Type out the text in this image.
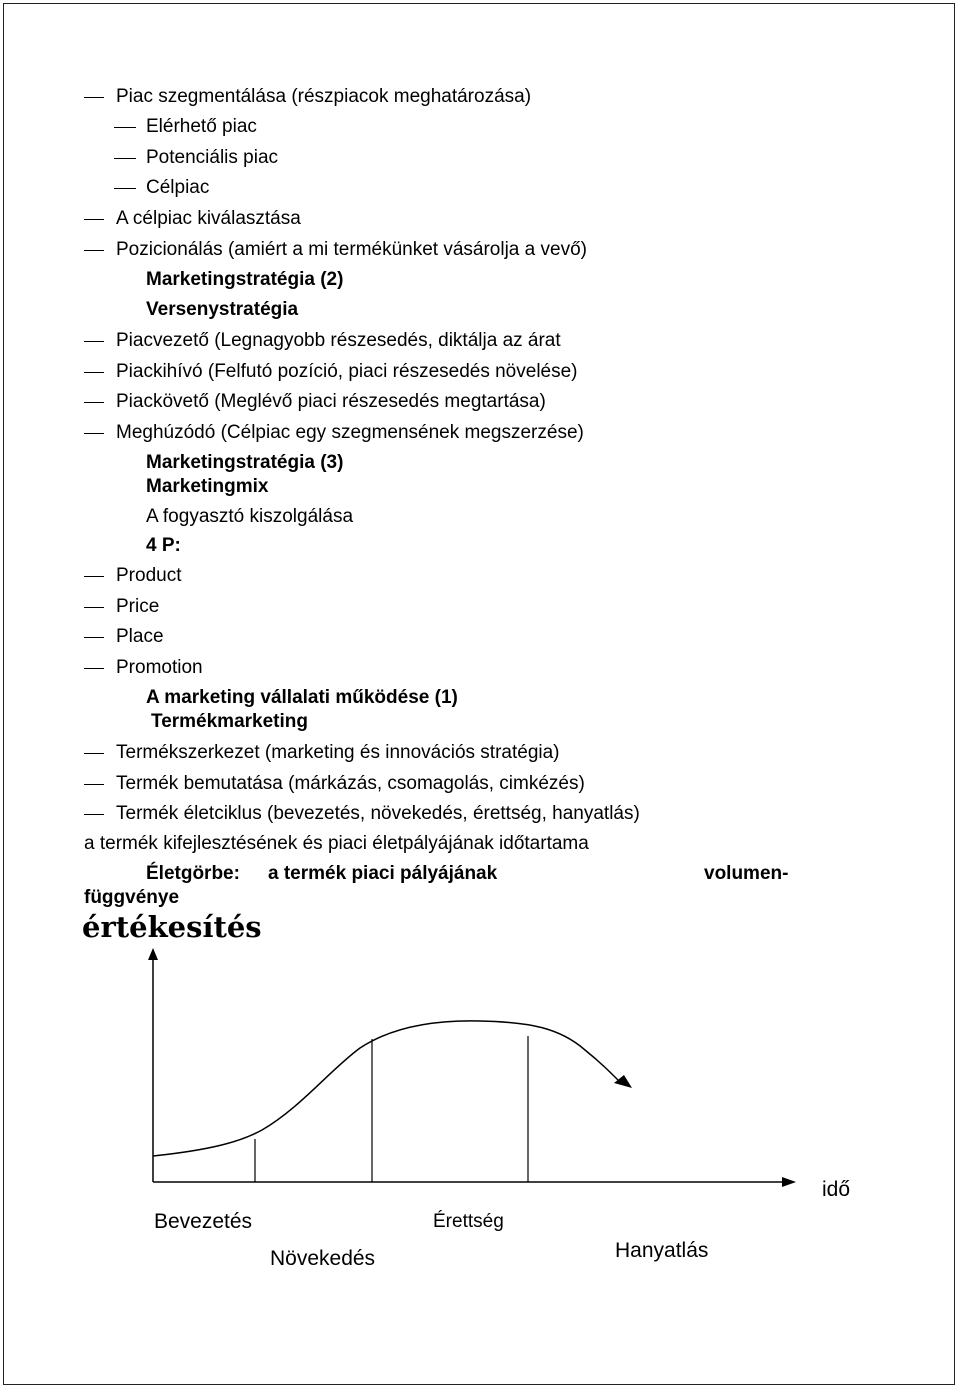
Piac szegmentálása (részpiacok meghatározása)
Elérhető piac
Potenciális piac
Célpiac
A célpiac kiválasztása
Pozicionálás (amiért a mi termékünket vásárolja a vevő)
Marketingstratégia (2)
Versenystratégia
Piacvezető (Legnagyobb részesedés, diktálja az árat
Piackihívó (Felfutó pozíció, piaci részesedés növelése)
Piackövető (Meglévő piaci részesedés megtartása)
Meghúzódó (Célpiac egy szegmensének megszerzése)
Marketingstratégia (3)
Marketingmix
A fogyasztó kiszolgálása
4 P:
Product
Price
Place
Promotion
A marketing vállalati működése (1)
Termékmarketing
Termékszerkezet (marketing és innovációs stratégia)
Termék bemutatása (márkázás, csomagolás, cimkézés)
Termék életciklus (bevezetés, növekedés, érettség, hanyatlás)
a termék kifejlesztésének és piaci életpályájának időtartama
Életgörbe: a termék piaci pályájának	volumen-
függvénye
értékesítés
idő
Bevezetés	Érettség
Hanyatlás
Növekedés
